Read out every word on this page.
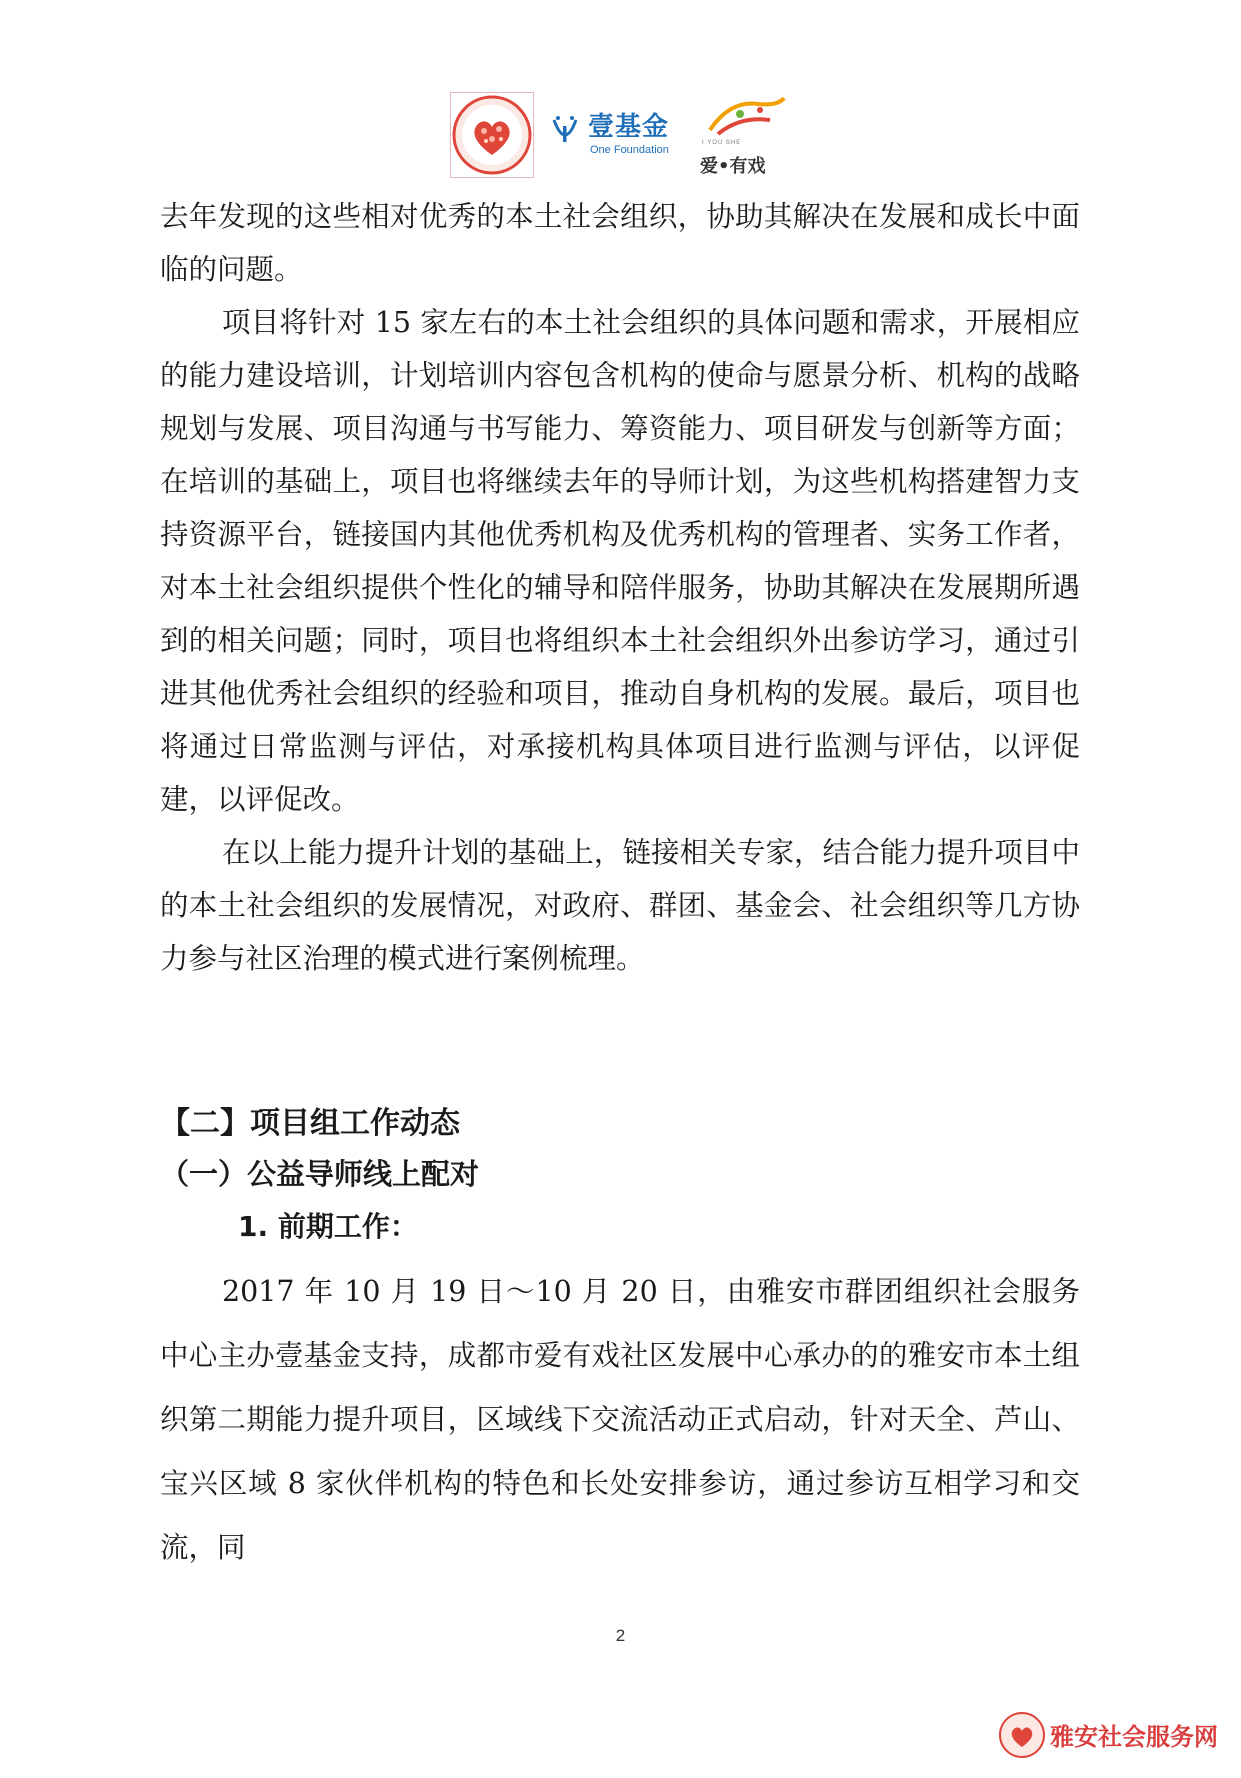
壹基金
One Foundation
I YOU SHE
爱•有戏

去年发现的这些相对优秀的本土社会组织，协助其解决在发展和成长中面临的问题。

项目将针对 15 家左右的本土社会组织的具体问题和需求，开展相应的能力建设培训，计划培训内容包含机构的使命与愿景分析、机构的战略规划与发展、项目沟通与书写能力、筹资能力、项目研发与创新等方面；在培训的基础上，项目也将继续去年的导师计划，为这些机构搭建智力支持资源平台，链接国内其他优秀机构及优秀机构的管理者、实务工作者，对本土社会组织提供个性化的辅导和陪伴服务，协助其解决在发展期所遇到的相关问题；同时，项目也将组织本土社会组织外出参访学习，通过引进其他优秀社会组织的经验和项目，推动自身机构的发展。最后，项目也将通过日常监测与评估，对承接机构具体项目进行监测与评估，以评促建，以评促改。

在以上能力提升计划的基础上，链接相关专家，结合能力提升项目中的本土社会组织的发展情况，对政府、群团、基金会、社会组织等几方协力参与社区治理的模式进行案例梳理。

【二】项目组工作动态
（一）公益导师线上配对
1. 前期工作：

2017 年 10 月 19 日～10 月 20 日，由雅安市群团组织社会服务中心主办壹基金支持，成都市爱有戏社区发展中心承办的的雅安市本土组织第二期能力提升项目，区域线下交流活动正式启动，针对天全、芦山、宝兴区域 8 家伙伴机构的特色和长处安排参访，通过参访互相学习和交流，同

2
雅安社会服务网
